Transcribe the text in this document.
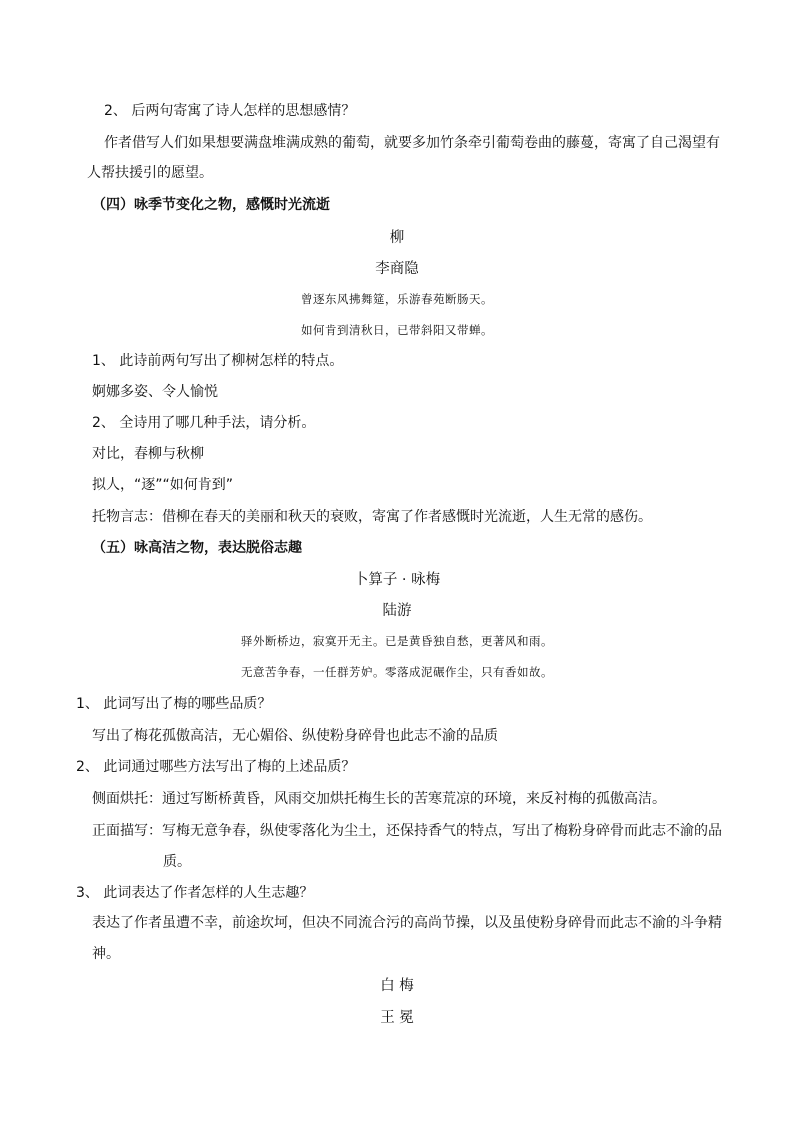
2、 后两句寄寓了诗人怎样的思想感情？
作者借写人们如果想要满盘堆满成熟的葡萄，就要多加竹条牵引葡萄卷曲的藤蔓，寄寓了自己渴望有
人帮扶援引的愿望。
（四）咏季节变化之物，感慨时光流逝
柳
李商隐
曾逐东风拂舞筵，乐游春苑断肠天。
如何肯到清秋日，已带斜阳又带蝉。
1、 此诗前两句写出了柳树怎样的特点。
婀娜多姿、令人愉悦
2、 全诗用了哪几种手法，请分析。
对比，春柳与秋柳
拟人，“逐”“如何肯到”
托物言志：借柳在春天的美丽和秋天的衰败，寄寓了作者感慨时光流逝，人生无常的感伤。
（五）咏高洁之物，表达脱俗志趣
卜算子 · 咏梅
陆游
驿外断桥边，寂寞开无主。已是黄昏独自愁，更著风和雨。
无意苦争春，一任群芳妒。零落成泥碾作尘，只有香如故。
1、 此词写出了梅的哪些品质？
写出了梅花孤傲高洁，无心媚俗、纵使粉身碎骨也此志不渝的品质
2、 此词通过哪些方法写出了梅的上述品质？
侧面烘托：通过写断桥黄昏，风雨交加烘托梅生长的苦寒荒凉的环境，来反衬梅的孤傲高洁。
正面描写：写梅无意争春，纵使零落化为尘土，还保持香气的特点，写出了梅粉身碎骨而此志不渝的品
质。
3、 此词表达了作者怎样的人生志趣？
表达了作者虽遭不幸，前途坎坷，但决不同流合污的高尚节操，以及虽使粉身碎骨而此志不渝的斗争精
神。
白 梅
王 冕
